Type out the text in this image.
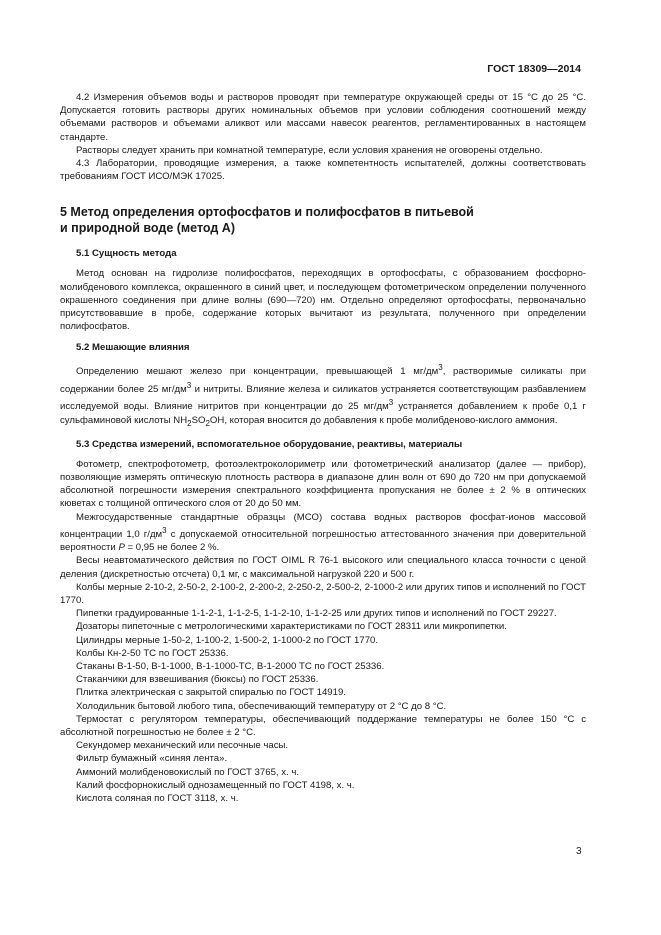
ГОСТ 18309—2014

4.2 Измерения объемов воды и растворов проводят при температуре окружающей среды от 15 °С до 25 °С. Допускается готовить растворы других номинальных объемов при условии соблюдения соотношений между объемами растворов и объемами аликвот или массами навесок реагентов, регламентированных в настоящем стандарте.

Растворы следует хранить при комнатной температуре, если условия хранения не оговорены отдельно.

4.3 Лаборатории, проводящие измерения, а также компетентность испытателей, должны соответствовать требованиям ГОСТ ИСО/МЭК 17025.

5 Метод определения ортофосфатов и полифосфатов в питьевой
и природной воде (метод А)
5.1 Сущность метода

Метод основан на гидролизе полифосфатов, переходящих в ортофосфаты, с образованием фосфорно-молибденового комплекса, окрашенного в синий цвет, и последующем фотометрическом определении полученного окрашенного соединения при длине волны (690—720) нм. Отдельно определяют ортофосфаты, первоначально присутствовавшие в пробе, содержание которых вычитают из результата, полученного при определении полифосфатов.

5.2 Мешающие влияния

Определению мешают железо при концентрации, превышающей 1 $мг/дм^3$, растворимые силикаты при содержании более 25 $мг/дм^3$ и нитриты. Влияние железа и силикатов устраняется соответствующим разбавлением исследуемой воды. Влияние нитритов при концентрации до 25 $мг/дм^3$ устраняется добавлением к пробе 0,1 г сульфаминовой кислоты $NH_2SO_2OH$, которая вносится до добавления к пробе молибденово-кислого аммония.

5.3 Средства измерений, вспомогательное оборудование, реактивы, материалы

Фотометр, спектрофотометр, фотоэлектроколориметр или фотометрический анализатор (далее — прибор), позволяющие измерять оптическую плотность раствора в диапазоне длин волн от 690 до 720 нм при допускаемой абсолютной погрешности измерения спектрального коэффициента пропускания не более ± 2 % в оптических кюветах с толщиной оптического слоя от 20 до 50 мм.

Межгосударственные стандартные образцы (МСО) состава водных растворов фосфат-ионов массовой концентрации 1,0 $г/дм^3$ с допускаемой относительной погрешностью аттестованного значения при доверительной вероятности Р = 0,95 не более 2 %.

Весы неавтоматического действия по ГОСТ OIML R 76-1 высокого или специального класса точности с ценой деления (дискретностью отсчета) 0,1 мг, с максимальной нагрузкой 220 и 500 г.

Колбы мерные 2-10-2, 2-50-2, 2-100-2, 2-200-2, 2-250-2, 2-500-2, 2-1000-2 или других типов и исполнений по ГОСТ 1770.

Пипетки градуированные 1-1-2-1, 1-1-2-5, 1-1-2-10, 1-1-2-25 или других типов и исполнений по ГОСТ 29227.

Дозаторы пипеточные с метрологическими характеристиками по ГОСТ 28311 или микропипетки.

Цилиндры мерные 1-50-2, 1-100-2, 1-500-2, 1-1000-2 по ГОСТ 1770.

Колбы Кн-2-50 ТС по ГОСТ 25336.

Стаканы В-1-50, В-1-1000, В-1-1000-ТС, В-1-2000 ТС по ГОСТ 25336.

Стаканчики для взвешивания (бюксы) по ГОСТ 25336.

Плитка электрическая с закрытой спиралью по ГОСТ 14919.

Холодильник бытовой любого типа, обеспечивающий температуру от 2 °С до 8 °С.

Термостат с регулятором температуры, обеспечивающий поддержание температуры не более 150 °С с абсолютной погрешностью не более ± 2 °С.

Секундомер механический или песочные часы.

Фильтр бумажный «синяя лента».

Аммоний молибденовокислый по ГОСТ 3765, х. ч.

Калий фосфорнокислый однозамещенный по ГОСТ 4198, х. ч.

Кислота соляная по ГОСТ 3118, х. ч.

3
